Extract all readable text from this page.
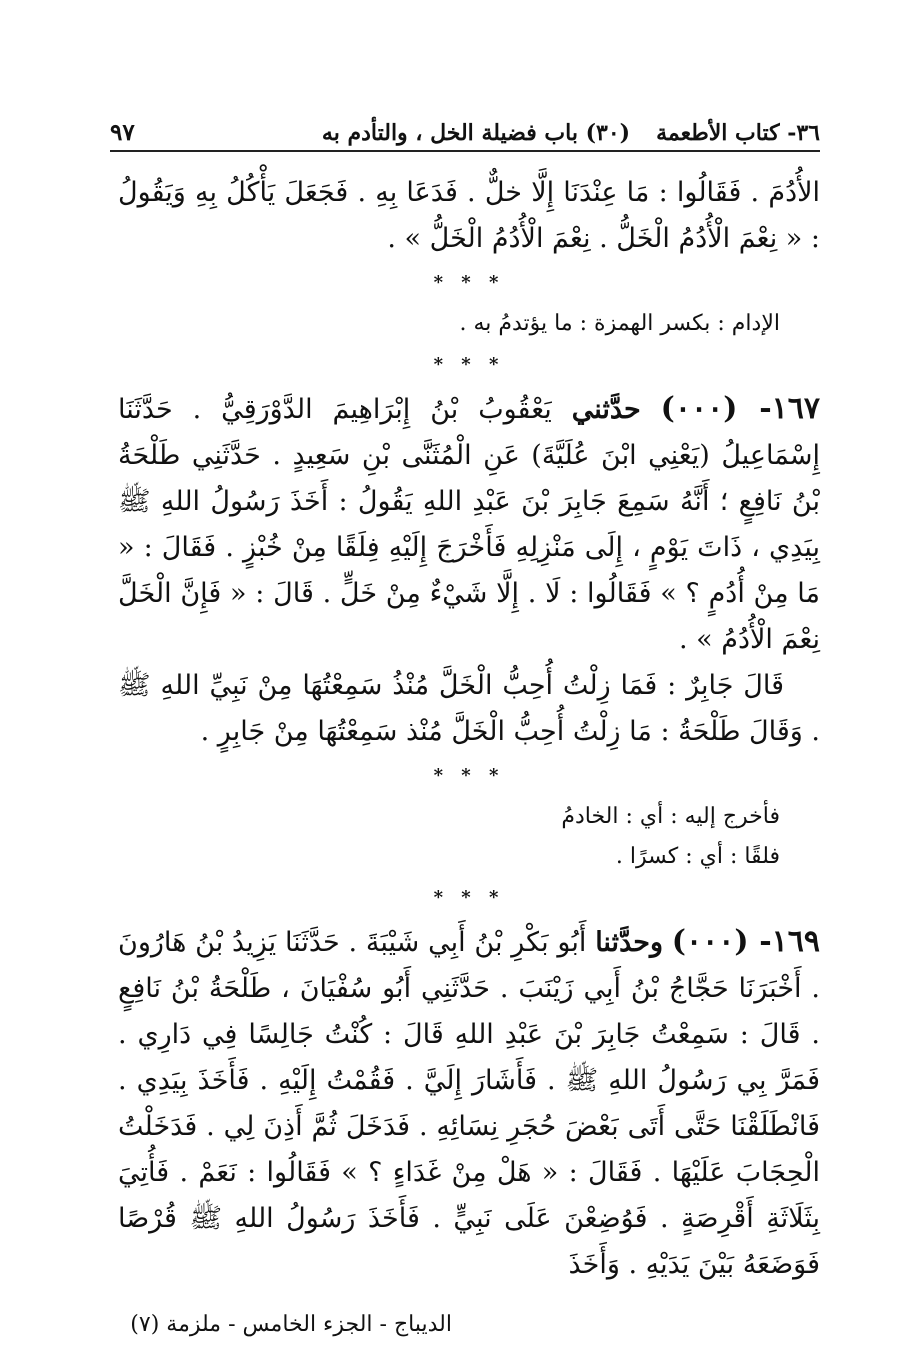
٣٦- كتاب الأطعمة(٣٠) باب فضيلة الخل ، والتأدم به
٩٧

الأُدُمَ . فَقَالُوا : مَا عِنْدَنَا إِلَّا خلٌّ . فَدَعَا بِهِ . فَجَعَلَ يَأْكُلُ بِهِ وَيَقُولُ : « نِعْمَ الْأُدُمُ الْخَلُّ . نِعْمَ الْأُدُمُ الْخَلُّ » .

* * *
الإدام : بكسر الهمزة : ما يؤتدمُ به .
* * *

١٦٧- (٠٠٠) حدَّثني يَعْقُوبُ بْنُ إِبْرَاهِيمَ الدَّوْرَقِيُّ . حَدَّثَنَا إِسْمَاعِيلُ (يَعْنِي ابْنَ عُلَيَّةَ) عَنِ الْمُثَنَّى بْنِ سَعِيدٍ . حَدَّثَنِي طَلْحَةُ بْنُ نَافِعٍ ؛ أَنَّهُ سَمِعَ جَابِرَ بْنَ عَبْدِ اللهِ يَقُولُ : أَخَذَ رَسُولُ اللهِ ﷺ بِيَدِي ، ذَاتَ يَوْمٍ ، إِلَى مَنْزِلِهِ فَأَخْرَجَ إِلَيْهِ فِلَقًا مِنْ خُبْزٍ . فَقَالَ : « مَا مِنْ أُدُمٍ ؟ » فَقَالُوا : لَا . إِلَّا شَيْءٌ مِنْ خَلٍّ . قَالَ : « فَإِنَّ الْخَلَّ نِعْمَ الْأُدُمُ » .

قَالَ جَابِرٌ : فَمَا زِلْتُ أُحِبُّ الْخَلَّ مُنْذُ سَمِعْتُهَا مِنْ نَبِيِّ اللهِ ﷺ . وَقَالَ طَلْحَةُ : مَا زِلْتُ أُحِبُّ الْخَلَّ مُنْذ سَمِعْتُهَا مِنْ جَابِرٍ .

* * *
فأخرج إليه : أي : الخادمُ
فلقًا : أي : كسرًا .
* * *

١٦٩- (٠٠٠) وحدَّثنا أَبُو بَكْرِ بْنُ أَبِي شَيْبَةَ . حَدَّثَنَا يَزِيدُ بْنُ هَارُونَ . أَخْبَرَنَا حَجَّاجُ بْنُ أَبِي زَيْنَبَ . حَدَّثَنِي أَبُو سُفْيَانَ ، طَلْحَةُ بْنُ نَافِعٍ . قَالَ : سَمِعْتُ جَابِرَ بْنَ عَبْدِ اللهِ قَالَ : كُنْتُ جَالِسًا فِي دَارِي . فَمَرَّ بِي رَسُولُ اللهِ ﷺ . فَأَشَارَ إِلَيَّ . فَقُمْتُ إِلَيْهِ . فَأَخَذَ بِيَدِي . فَانْطَلَقْنَا حَتَّى أَتَى بَعْضَ حُجَرِ نِسَائِهِ . فَدَخَلَ ثُمَّ أَذِنَ لِي . فَدَخَلْتُ الْحِجَابَ عَلَيْهَا . فَقَالَ : « هَلْ مِنْ غَدَاءٍ ؟ » فَقَالُوا : نَعَمْ . فَأُتِيَ بِثَلَاثَةِ أَقْرِصَةٍ . فَوُضِعْنَ عَلَى نَبِيٍّ . فَأَخَذَ رَسُولُ اللهِ ﷺ قُرْصًا فَوَضَعَهُ بَيْنَ يَدَيْهِ . وَأَخَذَ

الديباج - الجزء الخامس - ملزمة (٧)
